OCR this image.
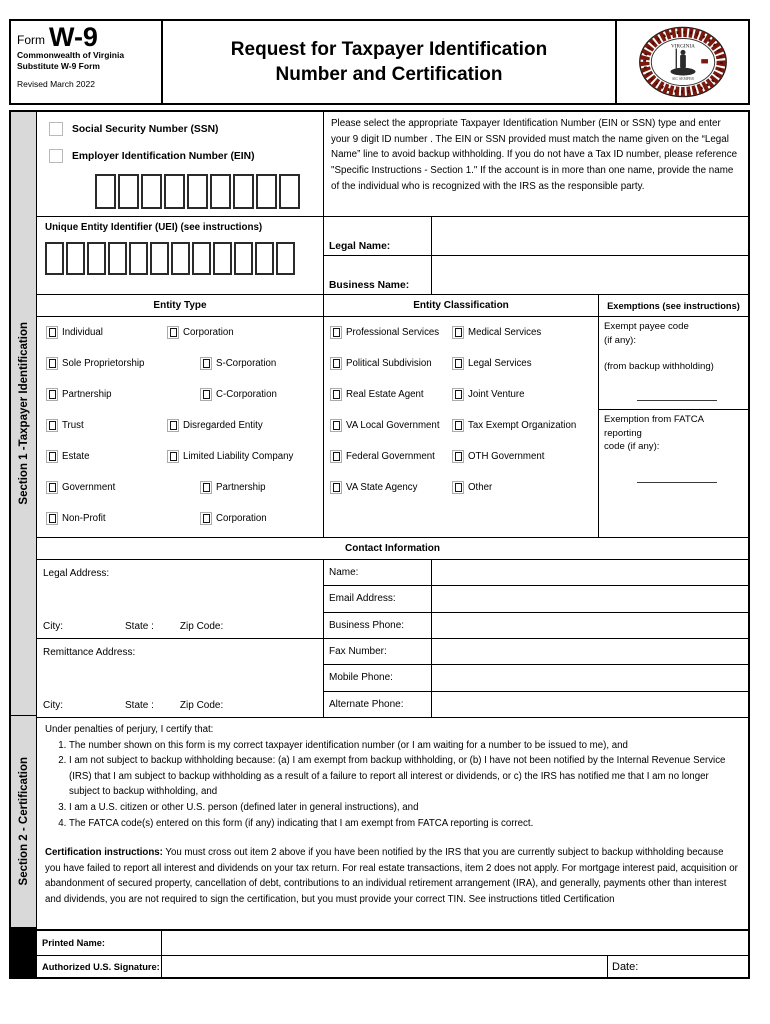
Form W-9
Commonwealth of Virginia
Substitute W-9 Form
Revised March 2022
Request for Taxpayer Identification
Number and Certification
VIRGINIA
SIC SEMPER
Section 1 -Taxpayer Identification
Section 2 - Certification
Social Security Number (SSN)
Employer Identification Number (EIN)
Please select the appropriate Taxpayer Identification Number (EIN or SSN) type and enter your 9 digit ID number . The EIN or SSN provided must match the name given on the “Legal Name” line to avoid backup withholding. If you do not have a Tax ID number, please reference "Specific Instructions - Section 1." If the account is in more than one name, provide the name of the individual who is recognized with the IRS as the responsible party.
Unique Entity Identifier (UEI) (see instructions)
Legal Name:
Business Name:
Entity Type
Individual	Corporation
Sole Proprietorship	S-Corporation
Partnership	C-Corporation
Trust	Disregarded Entity
Estate	Limited Liability Company
Government	Partnership
Non-Profit	Corporation
Entity Classification
Professional Services	Medical Services
Political Subdivision	Legal Services
Real Estate Agent	Joint Venture
VA Local Government	Tax Exempt Organization
Federal Government	OTH Government
VA State Agency	Other
Exemptions (see instructions)
Exempt payee code
(if any):
(from backup withholding)
Exemption from FATCA reporting
code (if any):
Contact Information
Legal Address:
City:	State :	Zip Code:
Remittance Address:
City:	State :	Zip Code:
Name:
Email Address:
Business Phone:
Fax Number:
Mobile Phone:
Alternate Phone:
Under penalties of perjury, I certify that:
1. The number shown on this form is my correct taxpayer identification number (or I am waiting for a number to be issued to me), and
2. I am not subject to backup withholding because: (a) I am exempt from backup withholding, or (b) I have not been notified by the Internal Revenue Service (IRS) that I am subject to backup withholding as a result of a failure to report all interest or dividends, or c) the IRS has notified me that I am no longer subject to backup withholding, and
3. I am a U.S. citizen or other U.S. person (defined later in general instructions), and
4. The FATCA code(s) entered on this form (if any) indicating that I am exempt from FATCA reporting is correct.
Certification instructions: You must cross out item 2 above if you have been notified by the IRS that you are currently subject to backup withholding because you have failed to report all interest and dividends on your tax return. For real estate transactions, item 2 does not apply. For mortgage interest paid, acquisition or abandonment of secured property, cancellation of debt, contributions to an individual retirement arrangement (IRA), and generally, payments other than interest and dividends, you are not required to sign the certification, but you must provide your correct TIN. See instructions titled Certification
Printed Name:
Authorized U.S. Signature:	Date:
